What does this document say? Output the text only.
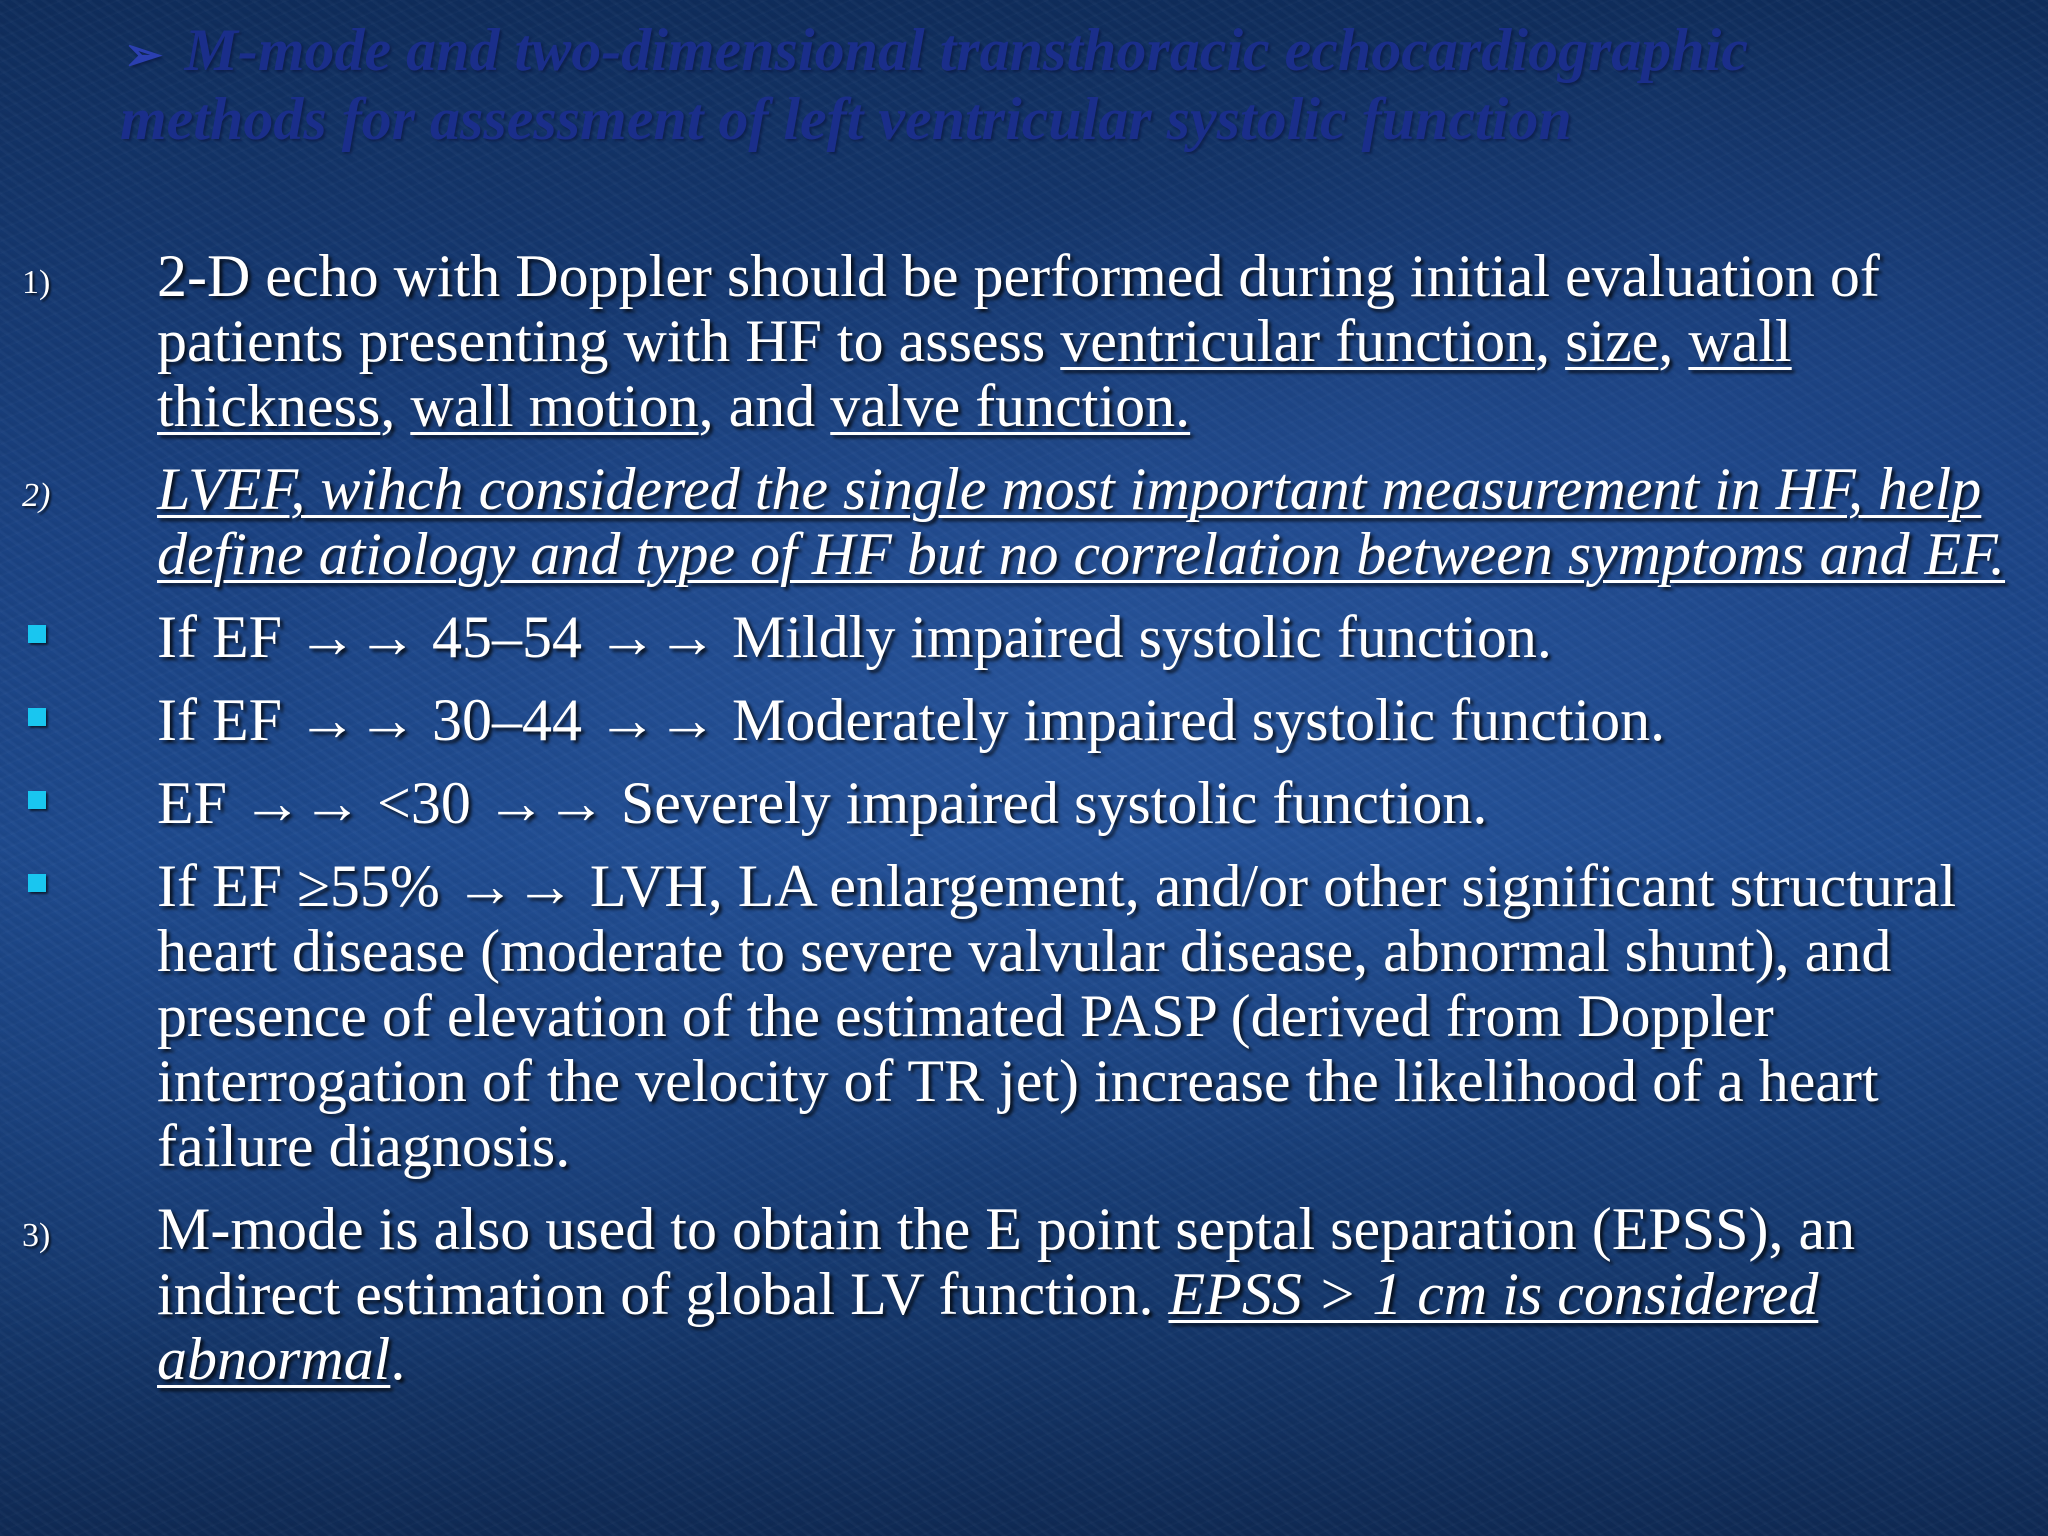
➢ M-mode and two-dimensional transthoracic echocardiographic
methods for assessment of left ventricular systolic function
1) 2-D echo with Doppler should be performed during initial evaluation of patients presenting with HF to assess ventricular function, size, wall thickness, wall motion, and valve function.
2) LVEF, wihch considered the single most important measurement in HF, help define atiology and type of HF but no correlation between symptoms and EF.
If EF →→ 45–54 →→ Mildly impaired systolic function.
If EF →→ 30–44 →→ Moderately impaired systolic function.
EF →→ <30 →→ Severely impaired systolic function.
If EF ≥55% →→ LVH, LA enlargement, and/or other significant structural heart disease (moderate to severe valvular disease, abnormal shunt), and presence of elevation of the estimated PASP (derived from Doppler interrogation of the velocity of TR jet) increase the likelihood of a heart failure diagnosis.
3) M-mode is also used to obtain the E point septal separation (EPSS), an indirect estimation of global LV function. EPSS > 1 cm is considered abnormal.
